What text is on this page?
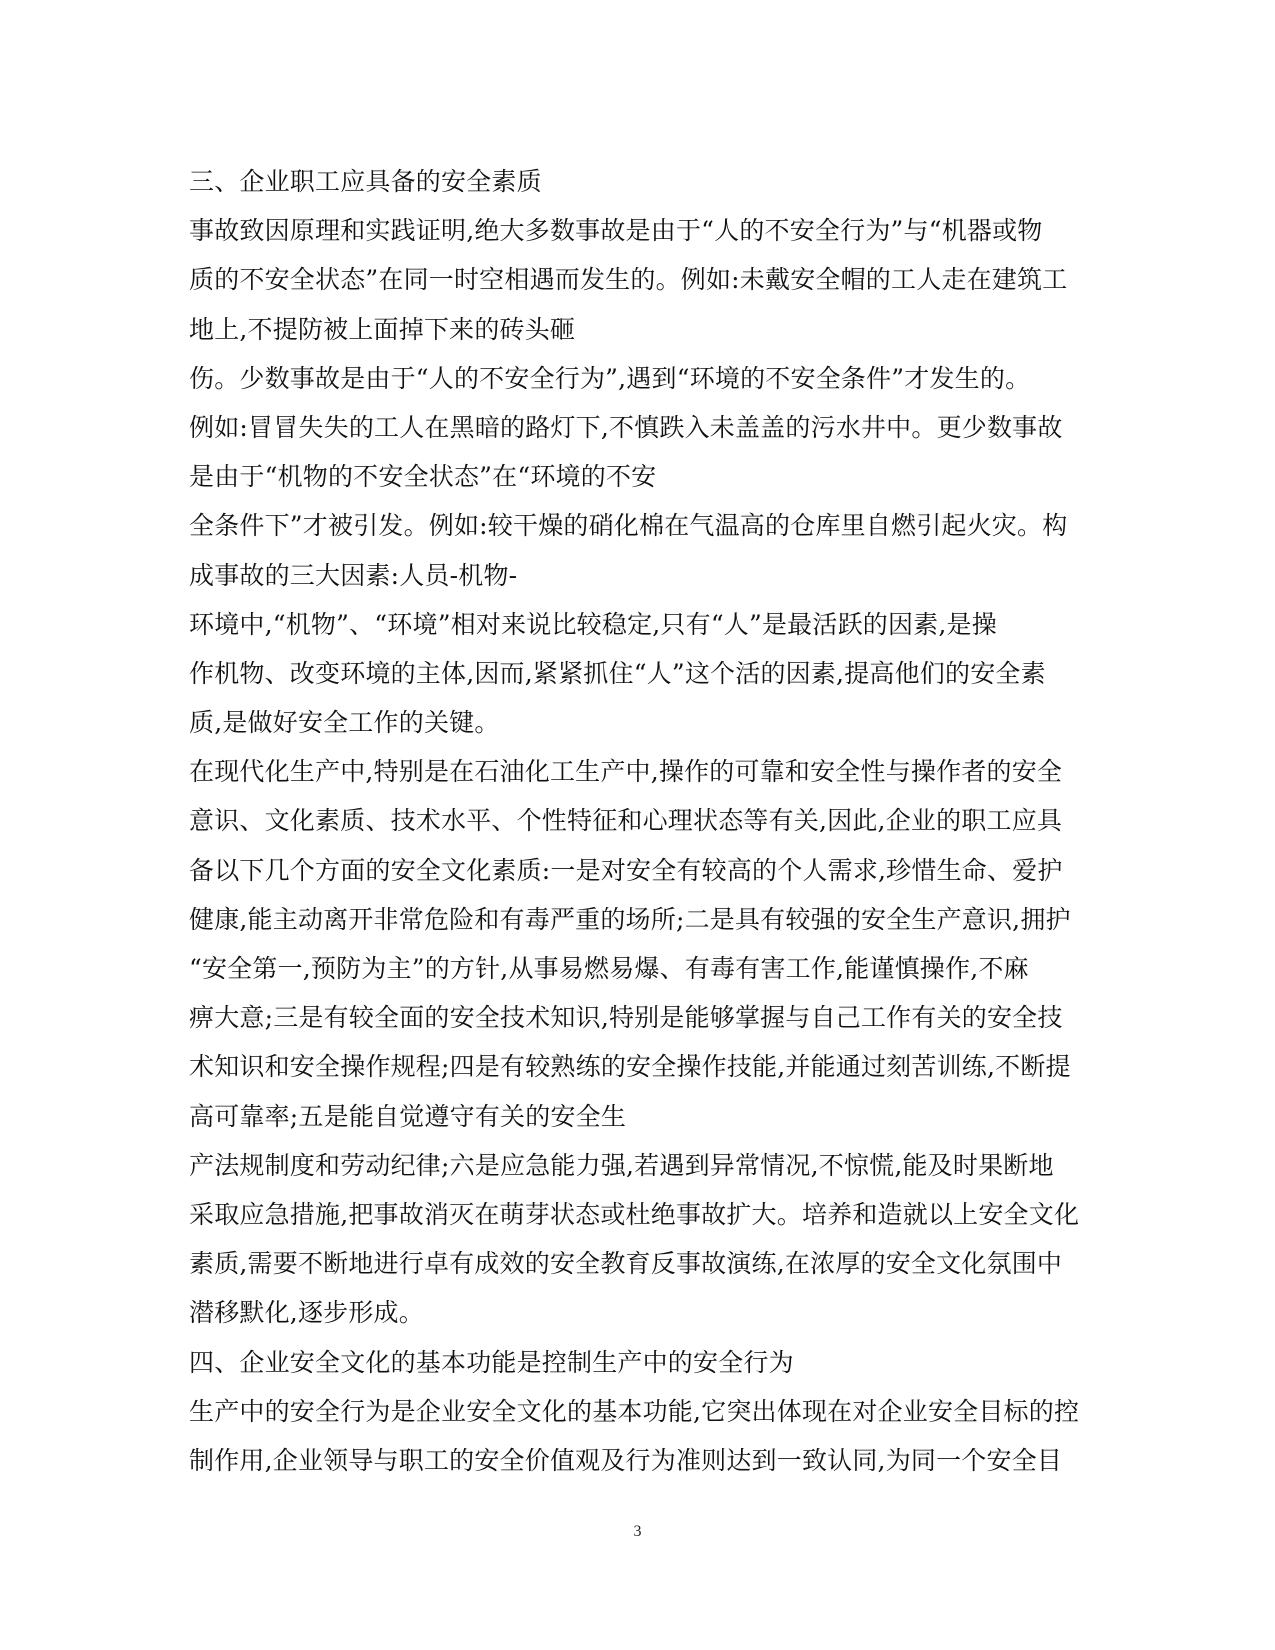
三、企业职工应具备的安全素质
事故致因原理和实践证明,绝大多数事故是由于“人的不安全行为”与“机器或物
质的不安全状态”在同一时空相遇而发生的。例如:未戴安全帽的工人走在建筑工
地上,不提防被上面掉下来的砖头砸
伤。少数事故是由于“人的不安全行为”,遇到“环境的不安全条件”才发生的。
例如:冒冒失失的工人在黑暗的路灯下,不慎跌入未盖盖的污水井中。更少数事故
是由于“机物的不安全状态”在“环境的不安
全条件下”才被引发。例如:较干燥的硝化棉在气温高的仓库里自燃引起火灾。构
成事故的三大因素:人员-机物-
环境中,“机物”、“环境”相对来说比较稳定,只有“人”是最活跃的因素,是操
作机物、改变环境的主体,因而,紧紧抓住“人”这个活的因素,提高他们的安全素
质,是做好安全工作的关键。
在现代化生产中,特别是在石油化工生产中,操作的可靠和安全性与操作者的安全
意识、文化素质、技术水平、个性特征和心理状态等有关,因此,企业的职工应具
备以下几个方面的安全文化素质:一是对安全有较高的个人需求,珍惜生命、爱护
健康,能主动离开非常危险和有毒严重的场所;二是具有较强的安全生产意识,拥护
“安全第一,预防为主”的方针,从事易燃易爆、有毒有害工作,能谨慎操作,不麻
痹大意;三是有较全面的安全技术知识,特别是能够掌握与自己工作有关的安全技
术知识和安全操作规程;四是有较熟练的安全操作技能,并能通过刻苦训练,不断提
高可靠率;五是能自觉遵守有关的安全生
产法规制度和劳动纪律;六是应急能力强,若遇到异常情况,不惊慌,能及时果断地
采取应急措施,把事故消灭在萌芽状态或杜绝事故扩大。培养和造就以上安全文化
素质,需要不断地进行卓有成效的安全教育反事故演练,在浓厚的安全文化氛围中
潜移默化,逐步形成。
四、企业安全文化的基本功能是控制生产中的安全行为
生产中的安全行为是企业安全文化的基本功能,它突出体现在对企业安全目标的控
制作用,企业领导与职工的安全价值观及行为准则达到一致认同,为同一个安全目
3
